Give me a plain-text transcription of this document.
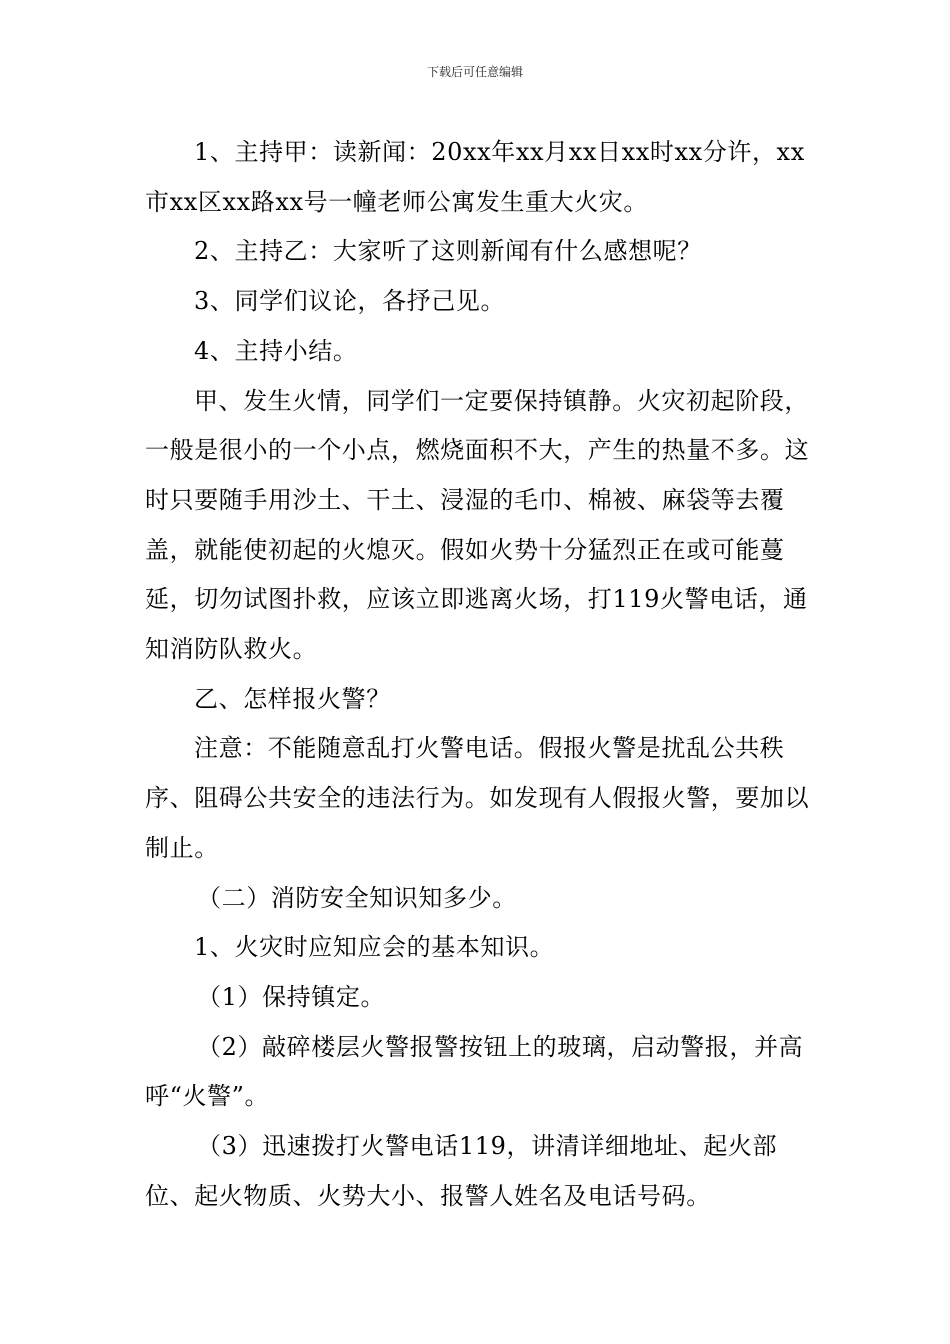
下载后可任意编辑

1、主持甲：读新闻：20xx年xx月xx日xx时xx分许，xx市xx区xx路xx号一幢老师公寓发生重大火灾。

2、主持乙：大家听了这则新闻有什么感想呢？

3、同学们议论，各抒己见。

4、主持小结。

甲、发生火情，同学们一定要保持镇静。火灾初起阶段，一般是很小的一个小点，燃烧面积不大，产生的热量不多。这时只要随手用沙土、干土、浸湿的毛巾、棉被、麻袋等去覆盖，就能使初起的火熄灭。假如火势十分猛烈正在或可能蔓延，切勿试图扑救，应该立即逃离火场，打119火警电话，通知消防队救火。

乙、怎样报火警？

注意：不能随意乱打火警电话。假报火警是扰乱公共秩序、阻碍公共安全的违法行为。如发现有人假报火警，要加以制止。

（二）消防安全知识知多少。

1、火灾时应知应会的基本知识。

（1）保持镇定。

（2）敲碎楼层火警报警按钮上的玻璃，启动警报，并高呼“火警”。

（3）迅速拨打火警电话119，讲清详细地址、起火部位、起火物质、火势大小、报警人姓名及电话号码。
